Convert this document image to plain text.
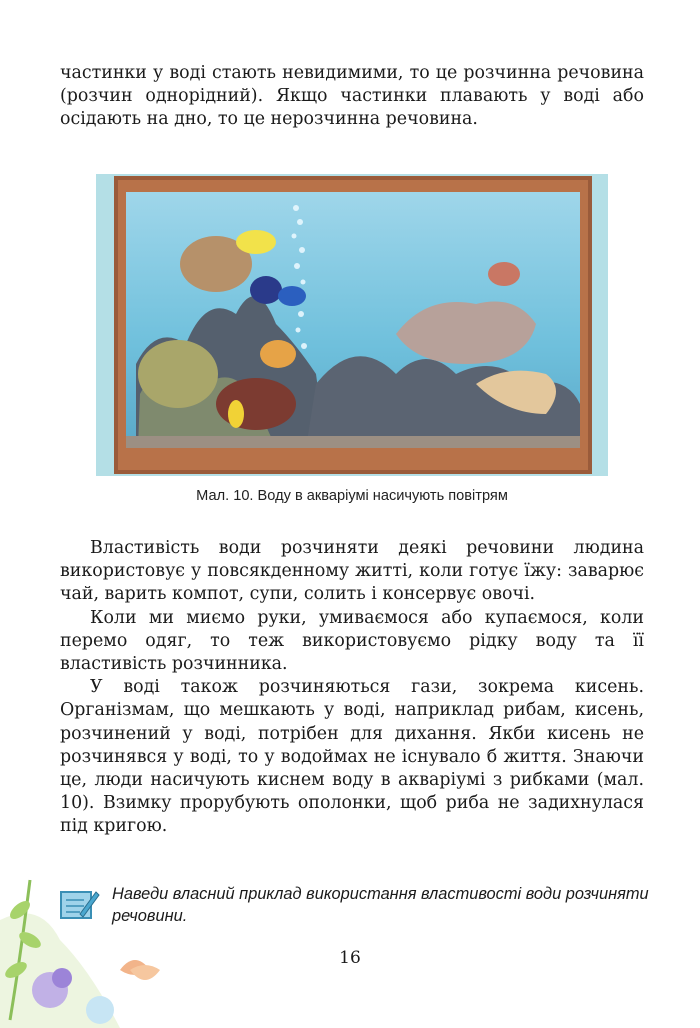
частинки у воді стають невидимими, то це розчинна речовина (розчин однорідний). Якщо частинки плавають у воді або осідають на дно, то це нерозчинна речовина.

Мал. 10. Воду в акваріумі насичують повітрям

Властивість води розчиняти деякі речовини людина використовує у повсякденному житті, коли готує їжу: заварює чай, варить компот, супи, солить і консервує овочі.

Коли ми миємо руки, умиваємося або купаємося, коли перемо одяг, то теж використовуємо рідку воду та її властивість розчинника.

У воді також розчиняються гази, зокрема кисень. Організмам, що мешкають у воді, наприклад рибам, кисень, розчинений у воді, потрібен для дихання. Якби кисень не розчинявся у воді, то у водоймах не існувало б життя. Знаючи це, люди насичують киснем воду в акваріумі з рибками (мал. 10). Взимку прорубують ополонки, щоб риба не задихнулася під кригою.

Наведи власний приклад використання властивості води розчиняти речовини.
16
